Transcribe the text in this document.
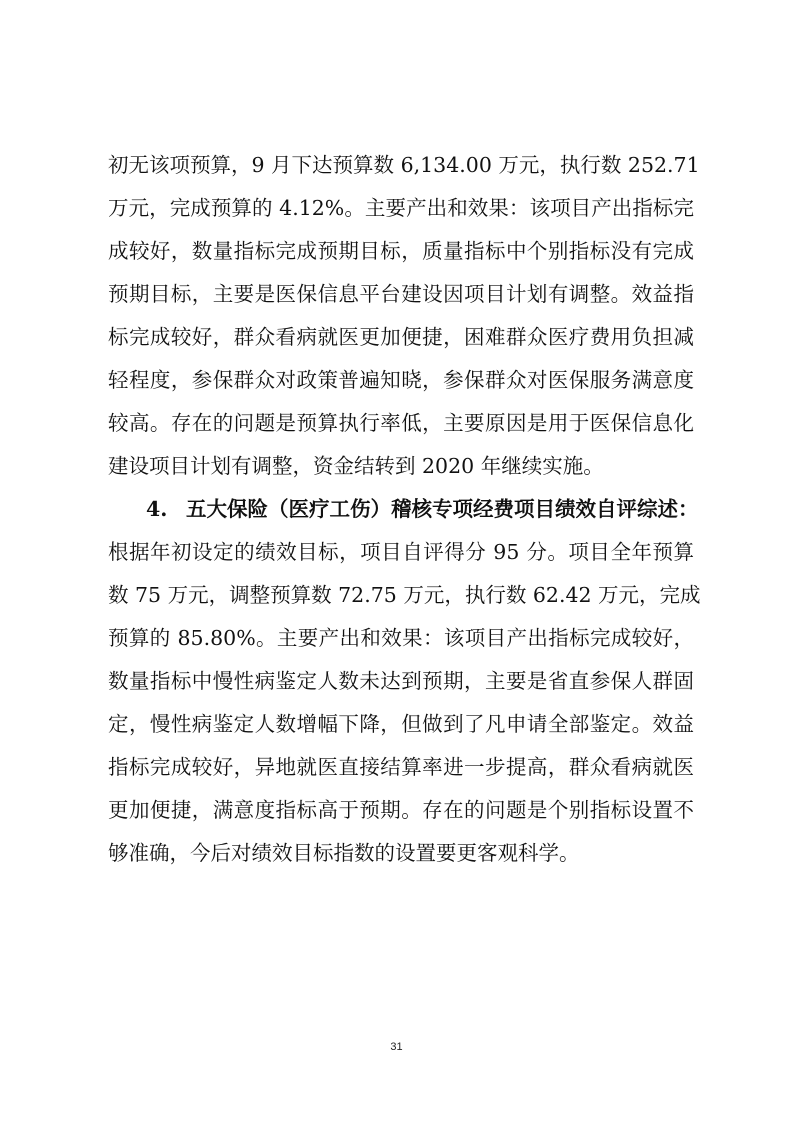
初无该项预算，9 月下达预算数 6,134.00 万元，执行数 252.71
万元，完成预算的 4.12%。主要产出和效果：该项目产出指标完
成较好，数量指标完成预期目标，质量指标中个别指标没有完成
预期目标，主要是医保信息平台建设因项目计划有调整。效益指
标完成较好，群众看病就医更加便捷，困难群众医疗费用负担减
轻程度，参保群众对政策普遍知晓，参保群众对医保服务满意度
较高。存在的问题是预算执行率低，主要原因是用于医保信息化
建设项目计划有调整，资金结转到 2020 年继续实施。
4. 五大保险（医疗工伤）稽核专项经费项目绩效自评综述：
根据年初设定的绩效目标，项目自评得分 95 分。项目全年预算
数 75 万元，调整预算数 72.75 万元，执行数 62.42 万元，完成
预算的 85.80%。主要产出和效果：该项目产出指标完成较好，
数量指标中慢性病鉴定人数未达到预期，主要是省直参保人群固
定，慢性病鉴定人数增幅下降，但做到了凡申请全部鉴定。效益
指标完成较好，异地就医直接结算率进一步提高，群众看病就医
更加便捷，满意度指标高于预期。存在的问题是个别指标设置不
够准确，今后对绩效目标指数的设置要更客观科学。
31
